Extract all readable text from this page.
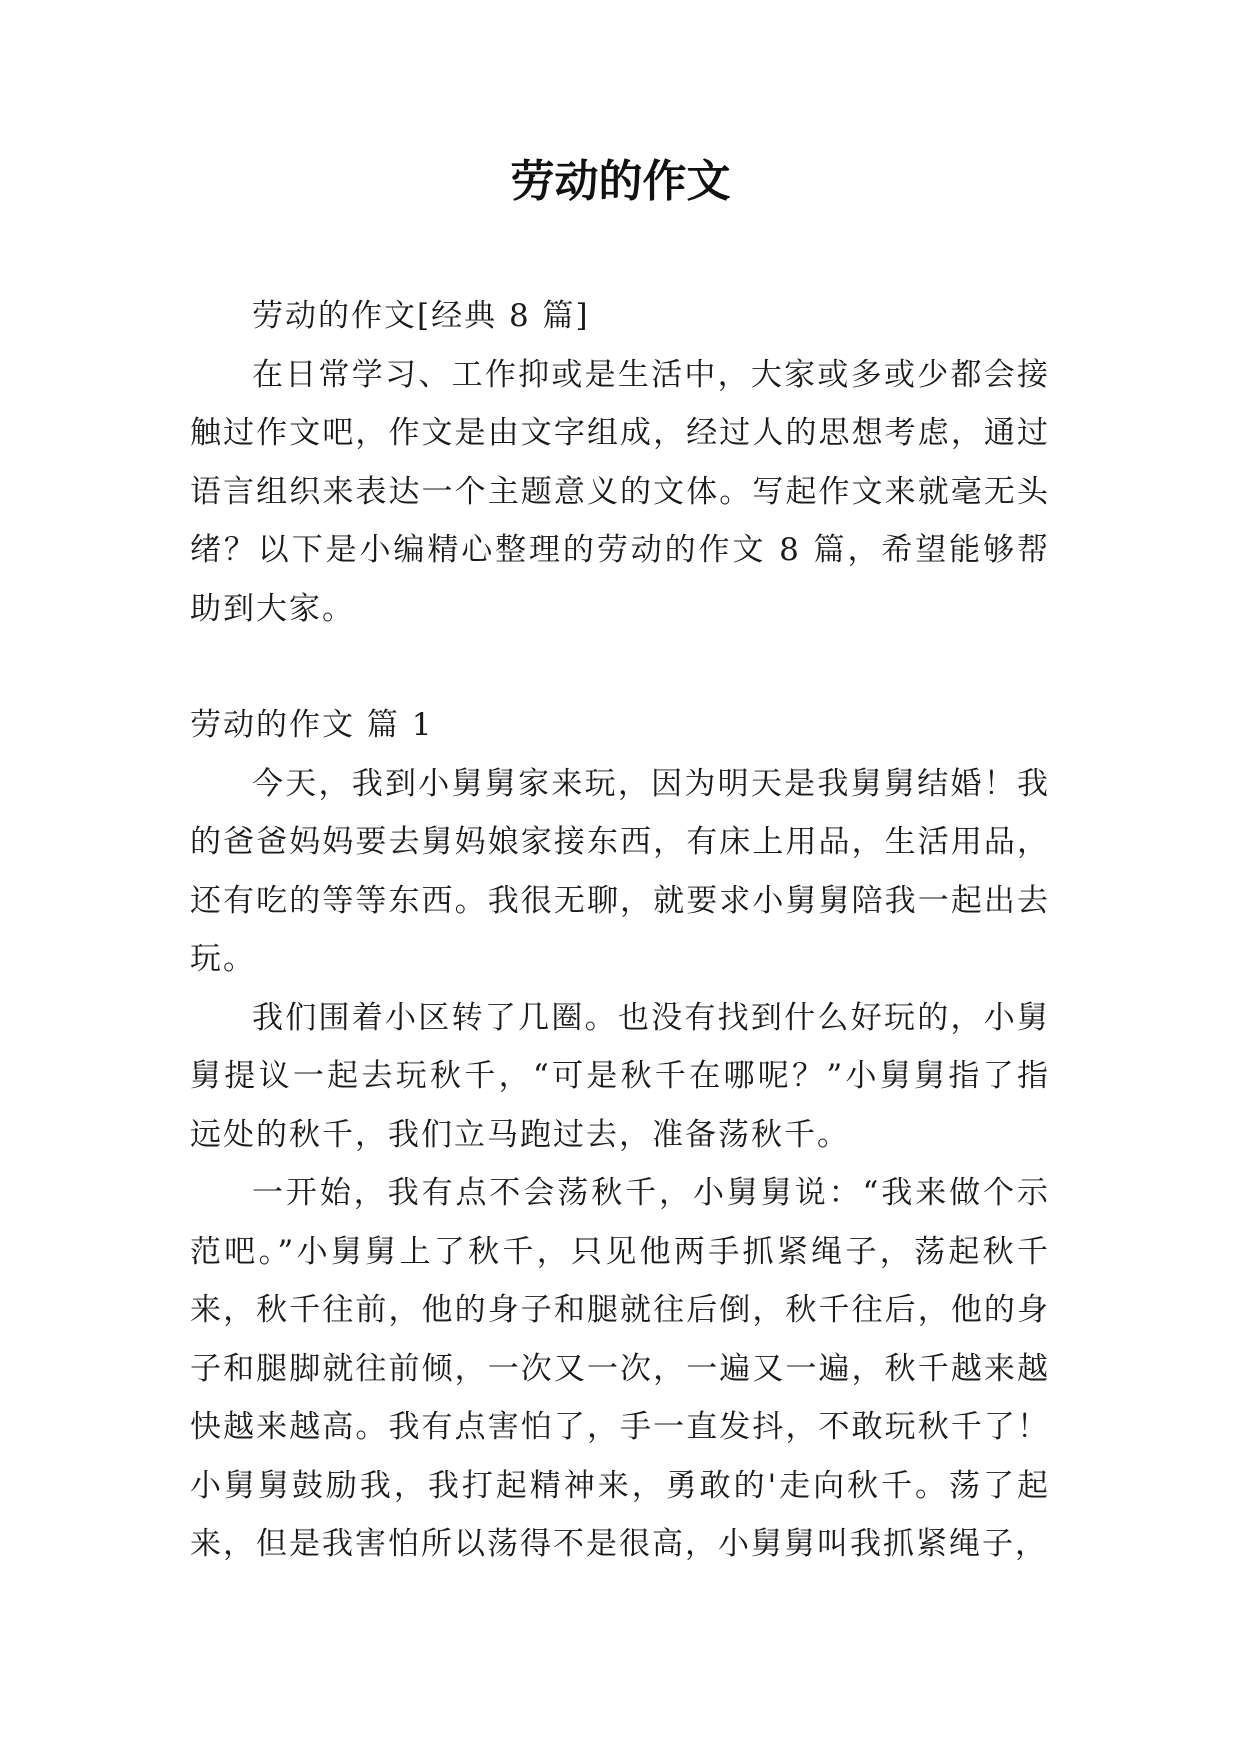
劳动的作文

劳动的作文[经典 8 篇]

在日常学习、工作抑或是生活中，大家或多或少都会接触过作文吧，作文是由文字组成，经过人的思想考虑，通过语言组织来表达一个主题意义的文体。写起作文来就毫无头绪？以下是小编精心整理的劳动的作文 8 篇，希望能够帮助到大家。

劳动的作文 篇 1

今天，我到小舅舅家来玩，因为明天是我舅舅结婚！我的爸爸妈妈要去舅妈娘家接东西，有床上用品，生活用品，还有吃的等等东西。我很无聊，就要求小舅舅陪我一起出去玩。

我们围着小区转了几圈。也没有找到什么好玩的，小舅舅提议一起去玩秋千，“可是秋千在哪呢？”小舅舅指了指远处的秋千，我们立马跑过去，准备荡秋千。

一开始，我有点不会荡秋千，小舅舅说：“我来做个示范吧。”小舅舅上了秋千，只见他两手抓紧绳子，荡起秋千来，秋千往前，他的身子和腿就往后倒，秋千往后，他的身子和腿脚就往前倾，一次又一次，一遍又一遍，秋千越来越快越来越高。我有点害怕了，手一直发抖，不敢玩秋千了！小舅舅鼓励我，我打起精神来，勇敢的'走向秋千。荡了起来，但是我害怕所以荡得不是很高，小舅舅叫我抓紧绳子，
